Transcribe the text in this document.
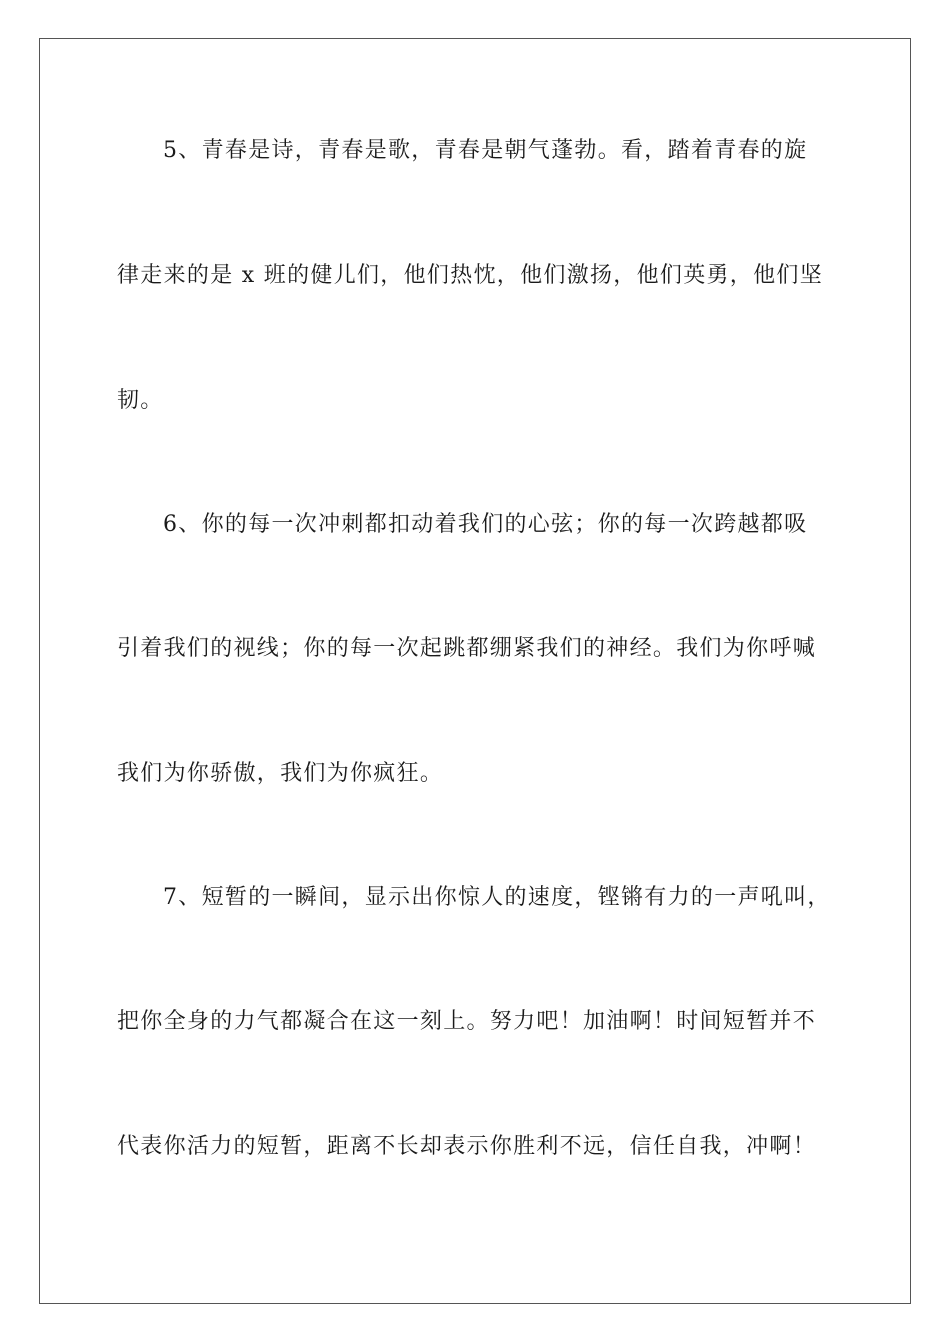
5、青春是诗，青春是歌，青春是朝气蓬勃。看，踏着青春的旋
律走来的是 x 班的健儿们，他们热忱，他们激扬，他们英勇，他们坚
韧。
6、你的每一次冲刺都扣动着我们的心弦；你的每一次跨越都吸
引着我们的视线；你的每一次起跳都绷紧我们的神经。我们为你呼喊
我们为你骄傲，我们为你疯狂。
7、短暂的一瞬间，显示出你惊人的速度，铿锵有力的一声吼叫，
把你全身的力气都凝合在这一刻上。努力吧！加油啊！时间短暂并不
代表你活力的短暂，距离不长却表示你胜利不远，信任自我，冲啊！
